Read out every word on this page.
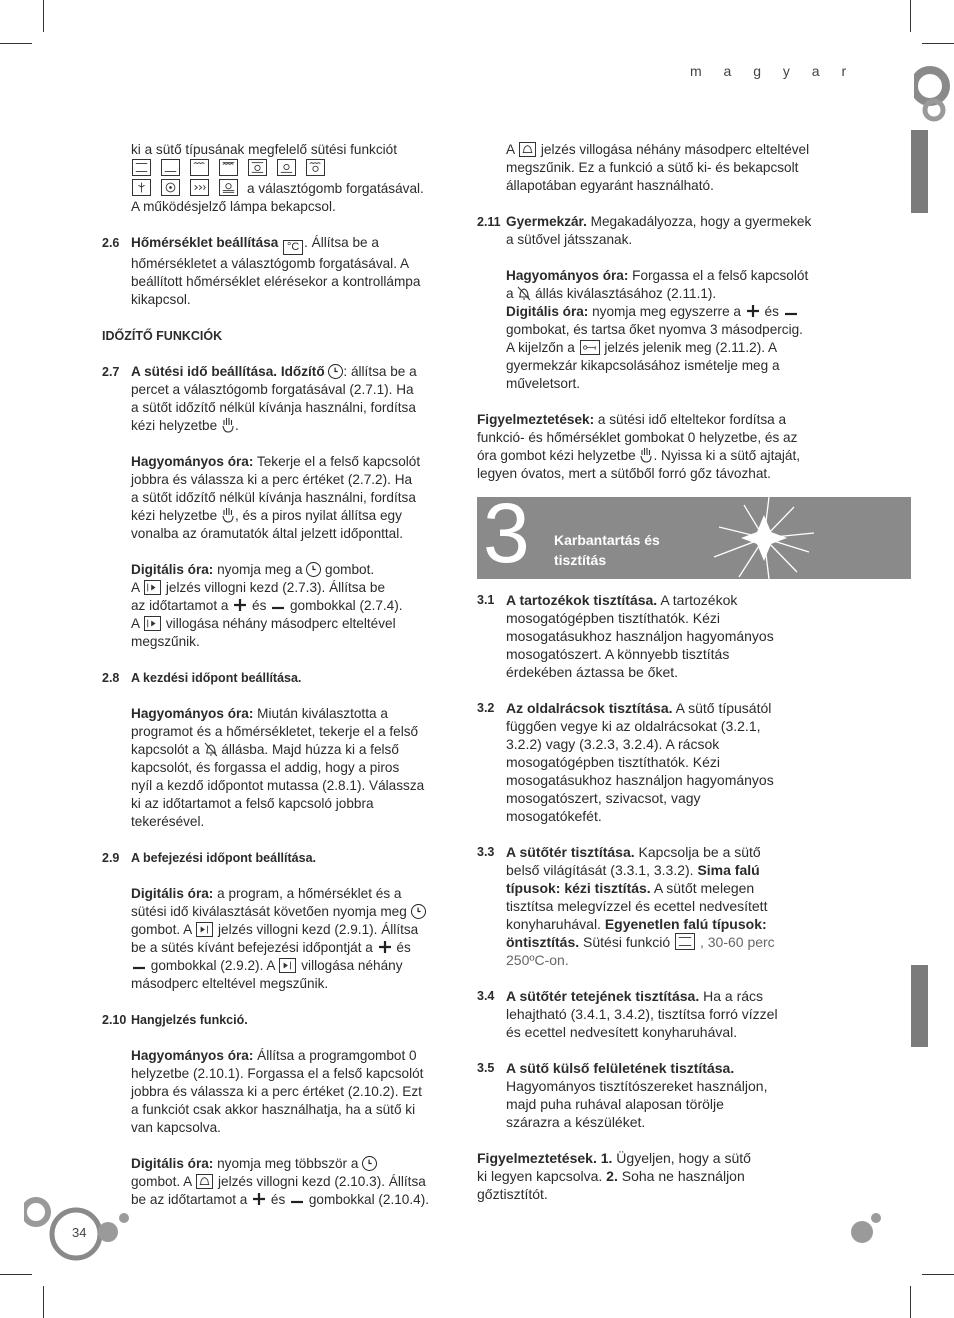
m a g y a r
34

ki a sütő típusának megfelelő sütési funkciót

a választógomb forgatásával.

A működésjelző lámpa bekapcsol.

2.6 Hőmérséklet beállítása °C . Állítsa be a

hőmérsékletet a választógomb forgatásával. A

beállított hőmérséklet elérésekor a kontrollámpa

kikapcsol.

IDŐZÍTŐ FUNKCIÓK

2.7 A sütési idő beállítása. Időzítő : állítsa be a

percet a választógomb forgatásával (2.7.1). Ha

a sütőt időzítő nélkül kívánja használni, fordítsa

kézi helyzetbe .

Hagyományos óra: Tekerje el a felső kapcsolót

jobbra és válassza ki a perc értéket (2.7.2). Ha

a sütőt időzítő nélkül kívánja használni, fordítsa

kézi helyzetbe , és a piros nyilat állítsa egy

vonalba az óramutatók által jelzett időponttal.

Digitális óra: nyomja meg a
gombot.

A
jelzés villogni kezd (2.7.3). Állítsa be

az időtartamot a  és  gombokkal (2.7.4).

A
villogása néhány másodperc elteltével

megszűnik.

2.8 A kezdési időpont beállítása.

Hagyományos óra: Miután kiválasztotta a

programot és a hőmérsékletet, tekerje el a felső

kapcsolót a  állásba. Majd húzza ki a felső

kapcsolót, és forgassa el addig, hogy a piros

nyíl a kezdő időpontot mutassa (2.8.1). Válassza

ki az időtartamot a felső kapcsoló jobbra

tekerésével.

2.9 A befejezési időpont beállítása.

Digitális óra: a program, a hőmérséklet és a

sütési idő kiválasztását követően nyomja meg

gombot. A
jelzés villogni kezd (2.9.1). Állítsa

be a sütés kívánt befejezési időpontját a  és

gombokkal (2.9.2). A
villogása néhány

másodperc elteltével megszűnik.

2.10 Hangjelzés funkció.

Hagyományos óra: Állítsa a programgombot 0

helyzetbe (2.10.1). Forgassa el a felső kapcsolót

jobbra és válassza ki a perc értéket (2.10.2). Ezt

a funkciót csak akkor használhatja, ha a sütő ki

van kapcsolva.

Digitális óra: nyomja meg többször a

gombot. A
jelzés villogni kezd (2.10.3). Állítsa

be az időtartamot a  és  gombokkal (2.10.4).

A
jelzés villogása néhány másodperc elteltével

megszűnik. Ez a funkció a sütő ki- és bekapcsolt

állapotában egyaránt használható.

2.11 Gyermekzár. Megakadályozza, hogy a gyermekek

a sütővel játsszanak.

Hagyományos óra: Forgassa el a felső kapcsolót

a  állás kiválasztásához (2.11.1).

Digitális óra: nyomja meg egyszerre a  és

gombokat, és tartsa őket nyomva 3 másodpercig.

A kijelzőn a
jelzés jelenik meg (2.11.2). A

gyermekzár kikapcsolásához ismételje meg a

műveletsort.

Figyelmeztetések: a sütési idő elteltekor fordítsa a

funkció- és hőmérséklet gombokat 0 helyzetbe, és az

óra gombot kézi helyzetbe . Nyissa ki a sütő ajtaját,

legyen óvatos, mert a sütőből forró gőz távozhat.

3 Karbantartás és
tisztítás
3.1 A tartozékok tisztítása. A tartozékok

mosogatógépben tisztíthatók. Kézi

mosogatásukhoz használjon hagyományos

mosogatószert. A könnyebb tisztítás

érdekében áztassa be őket.

3.2 Az oldalrácsok tisztítása. A sütő típusától

függően vegye ki az oldalrácsokat (3.2.1,

3.2.2) vagy (3.2.3, 3.2.4). A rácsok

mosogatógépben tisztíthatók. Kézi

mosogatásukhoz használjon hagyományos

mosogatószert, szivacsot, vagy

mosogatókefét.

3.3 A sütőtér tisztítása. Kapcsolja be a sütő

belső világítását (3.3.1, 3.3.2). Sima falú

típusok: kézi tisztítás. A sütőt melegen

tisztítsa melegvízzel és ecettel nedvesített

konyharuhával. Egyenetlen falú típusok:

öntisztítás. Sütési funkció
, 30-60 perc

250ºC-on.

3.4 A sütőtér tetejének tisztítása. Ha a rács

lehajtható (3.4.1, 3.4.2), tisztítsa forró vízzel

és ecettel nedvesített konyharuhával.

3.5 A sütő külső felületének tisztítása.

Hagyományos tisztítószereket használjon,

majd puha ruhával alaposan törölje

szárazra a készüléket.

Figyelmeztetések. 1. Ügyeljen, hogy a sütő

ki legyen kapcsolva. 2. Soha ne használjon

gőztisztítót.
